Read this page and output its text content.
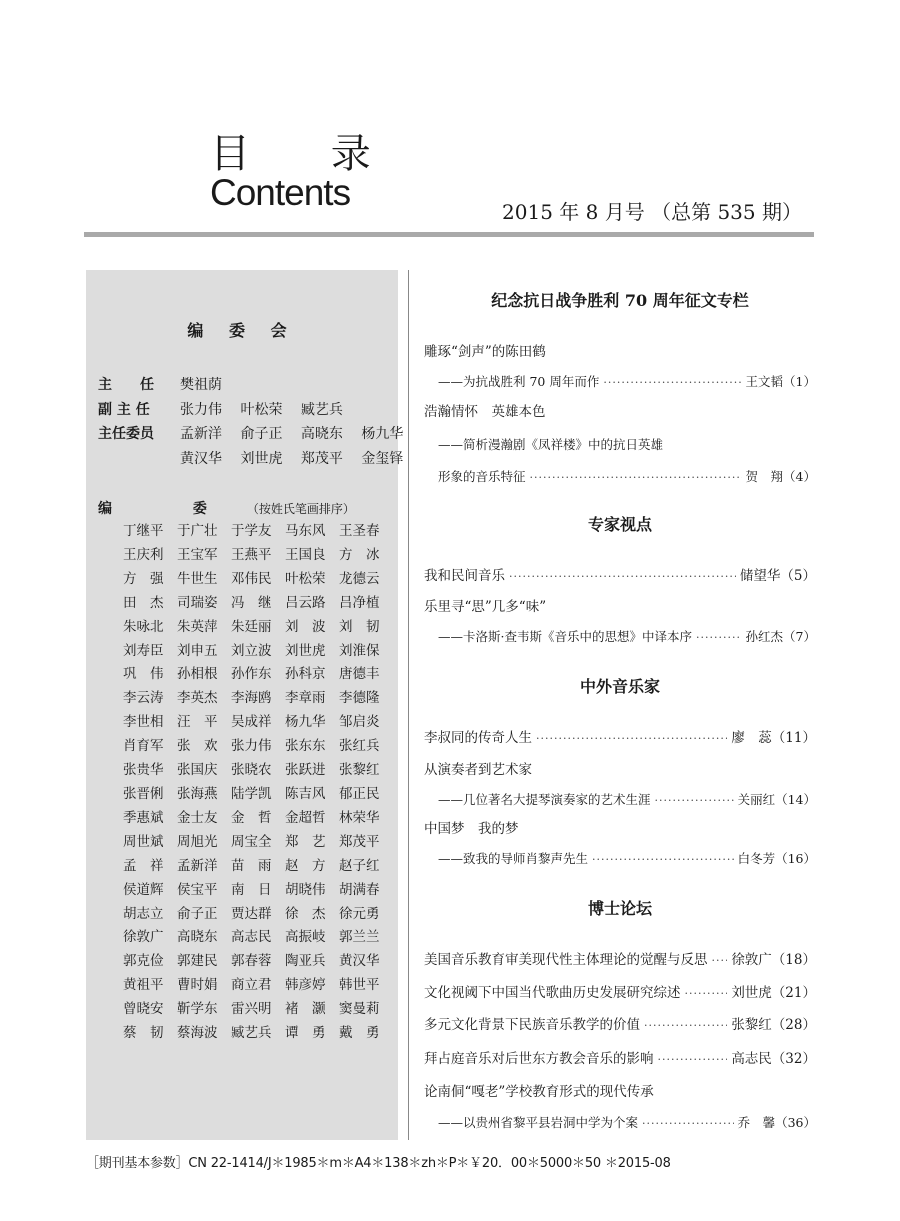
目 录
Contents	2015 年 8 月号 （总第 535 期）
编 委 会
主　　任 樊祖荫
副 主 任 张力伟 叶松荣 臧艺兵
主任委员 孟新洋 俞子正 高晓东 杨九华
黄汉华 刘世虎 郑茂平 金玺铎
编 委 （按姓氏笔画排序）
丁继平	于广壮	于学友	马东风	王圣春
王庆利	王宝军	王燕平	王国良	方　冰
方　强	牛世生	邓伟民	叶松荣	龙德云
田　杰	司瑞姿	冯　继	吕云路	吕净植
朱咏北	朱英萍	朱廷丽	刘　波	刘　韧
刘寿臣	刘申五	刘立波	刘世虎	刘淮保
巩　伟	孙相根	孙作东	孙科京	唐德丰
李云涛	李英杰	李海鸥	李章雨	李德隆
李世相	汪　平	吴成祥	杨九华	邹启炎
肖育军	张　欢	张力伟	张东东	张红兵
张贵华	张国庆	张晓农	张跃进	张黎红
张晋俐	张海燕	陆学凯	陈吉风	郁正民
季惠斌	金士友	金　哲	金超哲	林荣华
周世斌	周旭光	周宝全	郑　艺	郑茂平
孟　祥	孟新洋	苗　雨	赵　方	赵子红
侯道辉	侯宝平	南　日	胡晓伟	胡满春
胡志立	俞子正	贾达群	徐　杰	徐元勇
徐敦广	高晓东	高志民	高振岐	郭兰兰
郭克俭	郭建民	郭春蓉	陶亚兵	黄汉华
黄祖平	曹时娟	商立君	韩彦婷	韩世平
曾晓安	靳学东	雷兴明	褚　灏	窦曼莉
蔡　韧	蔡海波	臧艺兵	谭　勇	戴　勇
纪念抗日战争胜利 70 周年征文专栏
雕琢“剑声”的陈田鹤
——为抗战胜利 70 周年而作 ·····	王文韬（1）
浩瀚情怀　英雄本色
——简析漫瀚剧《凤祥楼》中的抗日英雄
形象的音乐特征 ·····	贺　翔（4）
专家视点
我和民间音乐 ·····	储望华（5）
乐里寻“思”几多“味”
——卡洛斯·查韦斯《音乐中的思想》中译本序 ·····	孙红杰（7）
中外音乐家
李叔同的传奇人生 ·····	廖　蕊（11）
从演奏者到艺术家
——几位著名大提琴演奏家的艺术生涯 ·····	关丽红（14）
中国梦　我的梦
——致我的导师肖黎声先生 ·····	白冬芳（16）
博士论坛
美国音乐教育审美现代性主体理论的觉醒与反思 ····· 徐敦广（18）
文化视阈下中国当代歌曲历史发展研究综述 ·····	刘世虎（21）
多元文化背景下民族音乐教学的价值 ·····	张黎红（28）
拜占庭音乐对后世东方教会音乐的影响 ·····	高志民（32）
论南侗“嘎老”学校教育形式的现代传承
——以贵州省黎平县岩洞中学为个案 ·····	乔　馨（36）
［期刊基本参数］CN 22-1414/J＊1985＊m＊A4＊138＊zh＊P＊￥20．00＊5000＊50 ＊2015-08
